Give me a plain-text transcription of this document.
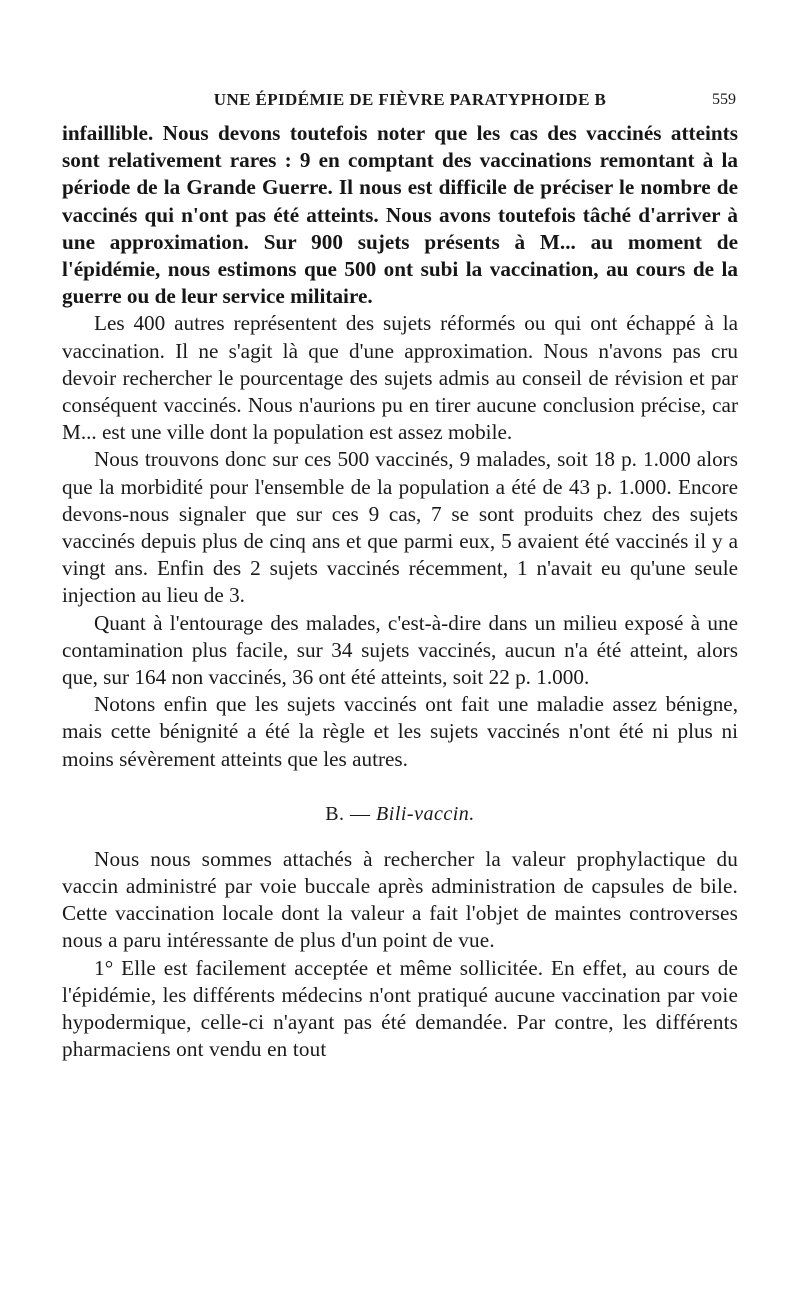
UNE ÉPIDÉMIE DE FIÈVRE PARATYPHOIDE B	559

infaillible. Nous devons toutefois noter que les cas des vaccinés atteints sont relativement rares : 9 en comptant des vaccinations remontant à la période de la Grande Guerre. Il nous est difficile de préciser le nombre de vaccinés qui n'ont pas été atteints. Nous avons toutefois tâché d'arriver à une approximation. Sur 900 sujets présents à M... au moment de l'épidémie, nous estimons que 500 ont subi la vaccination, au cours de la guerre ou de leur service militaire.

Les 400 autres représentent des sujets réformés ou qui ont échappé à la vaccination. Il ne s'agit là que d'une approximation. Nous n'avons pas cru devoir rechercher le pourcentage des sujets admis au conseil de révision et par conséquent vaccinés. Nous n'aurions pu en tirer aucune conclusion précise, car M... est une ville dont la population est assez mobile.

Nous trouvons donc sur ces 500 vaccinés, 9 malades, soit 18 p. 1.000 alors que la morbidité pour l'ensemble de la population a été de 43 p. 1.000. Encore devons-nous signaler que sur ces 9 cas, 7 se sont produits chez des sujets vaccinés depuis plus de cinq ans et que parmi eux, 5 avaient été vaccinés il y a vingt ans. Enfin des 2 sujets vaccinés récemment, 1 n'avait eu qu'une seule injection au lieu de 3.

Quant à l'entourage des malades, c'est-à-dire dans un milieu exposé à une contamination plus facile, sur 34 sujets vaccinés, aucun n'a été atteint, alors que, sur 164 non vaccinés, 36 ont été atteints, soit 22 p. 1.000.

Notons enfin que les sujets vaccinés ont fait une maladie assez bénigne, mais cette bénignité a été la règle et les sujets vaccinés n'ont été ni plus ni moins sévèrement atteints que les autres.

B. — Bili-vaccin.

Nous nous sommes attachés à rechercher la valeur prophylactique du vaccin administré par voie buccale après administration de capsules de bile. Cette vaccination locale dont la valeur a fait l'objet de maintes controverses nous a paru intéressante de plus d'un point de vue.

1° Elle est facilement acceptée et même sollicitée. En effet, au cours de l'épidémie, les différents médecins n'ont pratiqué aucune vaccination par voie hypodermique, celle-ci n'ayant pas été demandée. Par contre, les différents pharmaciens ont vendu en tout
